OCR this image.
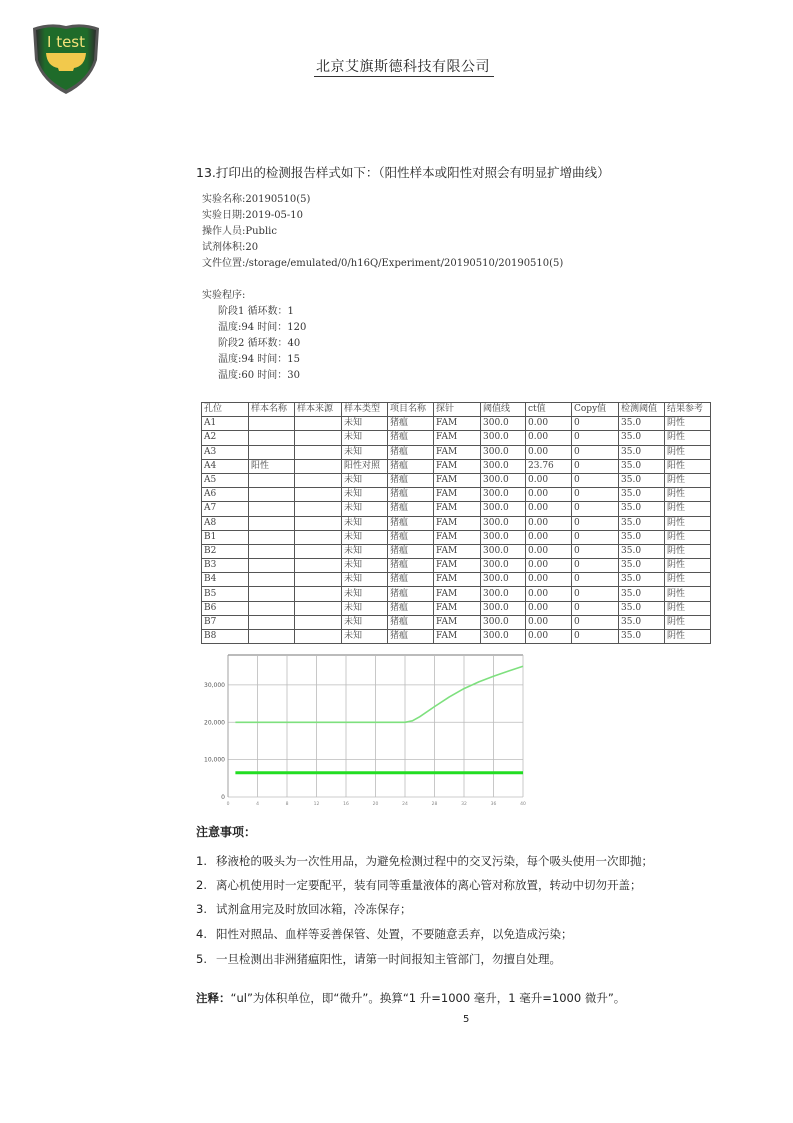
I test
北京艾旗斯德科技有限公司
13.打印出的检测报告样式如下：（阳性样本或阳性对照会有明显扩增曲线）
实验名称:20190510(5)
实验日期:2019-05-10
操作人员:Public
试剂体积:20
文件位置:/storage/emulated/0/h16Q/Experiment/20190510/20190510(5)
实验程序:
阶段1 循环数：1
温度:94 时间：120
阶段2 循环数：40
温度:94 时间：15
温度:60 时间：30
孔位	样本名称	样本来源	样本类型	项目名称	探针	阈值线	ct值	Copy值	检测阈值	结果参考
A1			未知	猪瘟	FAM	300.0	0.00	0	35.0	阴性
A2			未知	猪瘟	FAM	300.0	0.00	0	35.0	阴性
A3			未知	猪瘟	FAM	300.0	0.00	0	35.0	阴性
A4	阳性		阳性对照	猪瘟	FAM	300.0	23.76	0	35.0	阳性
A5			未知	猪瘟	FAM	300.0	0.00	0	35.0	阴性
A6			未知	猪瘟	FAM	300.0	0.00	0	35.0	阴性
A7			未知	猪瘟	FAM	300.0	0.00	0	35.0	阴性
A8			未知	猪瘟	FAM	300.0	0.00	0	35.0	阴性
B1			未知	猪瘟	FAM	300.0	0.00	0	35.0	阴性
B2			未知	猪瘟	FAM	300.0	0.00	0	35.0	阴性
B3			未知	猪瘟	FAM	300.0	0.00	0	35.0	阴性
B4			未知	猪瘟	FAM	300.0	0.00	0	35.0	阴性
B5			未知	猪瘟	FAM	300.0	0.00	0	35.0	阴性
B6			未知	猪瘟	FAM	300.0	0.00	0	35.0	阴性
B7			未知	猪瘟	FAM	300.0	0.00	0	35.0	阴性
B8			未知	猪瘟	FAM	300.0	0.00	0	35.0	阴性
0	4	8	12	16	20	24	28	32	36	40
0
10,000
20,000
30,000
注意事项：
1. 移液枪的吸头为一次性用品，为避免检测过程中的交叉污染，每个吸头使用一次即抛；
2. 离心机使用时一定要配平，装有同等重量液体的离心管对称放置，转动中切勿开盖；
3. 试剂盒用完及时放回冰箱，冷冻保存；
4. 阳性对照品、血样等妥善保管、处置，不要随意丢弃，以免造成污染；
5. 一旦检测出非洲猪瘟阳性，请第一时间报知主管部门，勿擅自处理。
注释：“ul”为体积单位，即“微升”。换算“1 升=1000 毫升，1 毫升=1000 微升”。
5
